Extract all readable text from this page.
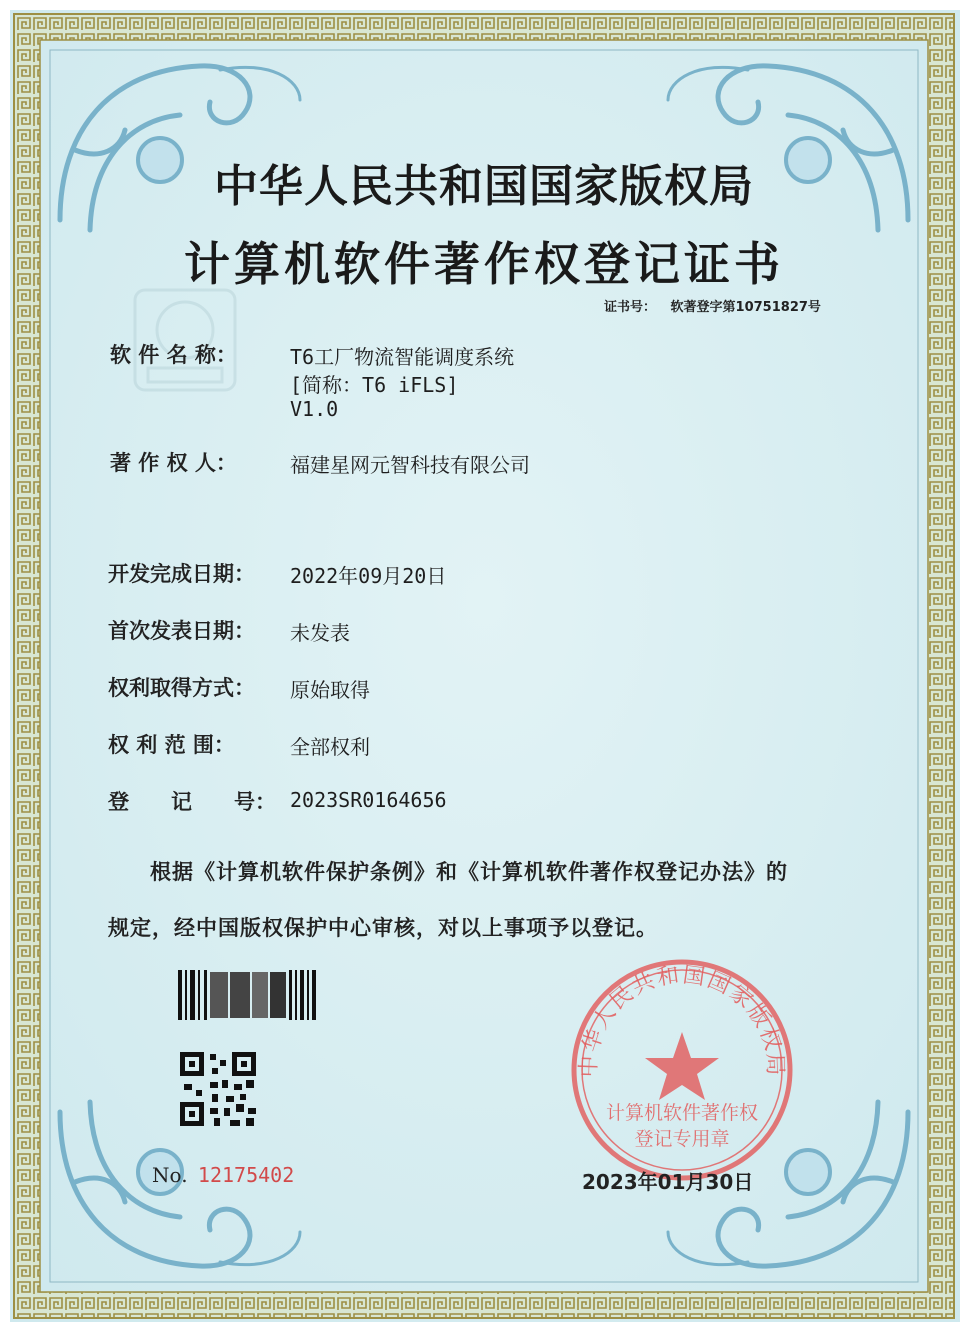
中华人民共和国国家版权局
计算机软件著作权
登记专用章
中华人民共和国国家版权局
计算机软件著作权登记证书
证书号： 软著登字第10751827号
软 件 名 称：	T6工厂物流智能调度系统
[简称：T6 iFLS]
V1.0
著 作 权 人：	福建星网元智科技有限公司
开发完成日期： 2022年09月20日
首次发表日期： 未发表
权利取得方式： 原始取得
权 利 范 围：	全部权利
登　　记　　号： 2023SR0164656
根据《计算机软件保护条例》和《计算机软件著作权登记办法》的
规定，经中国版权保护中心审核，对以上事项予以登记。
No. 12175402	2023年01月30日
